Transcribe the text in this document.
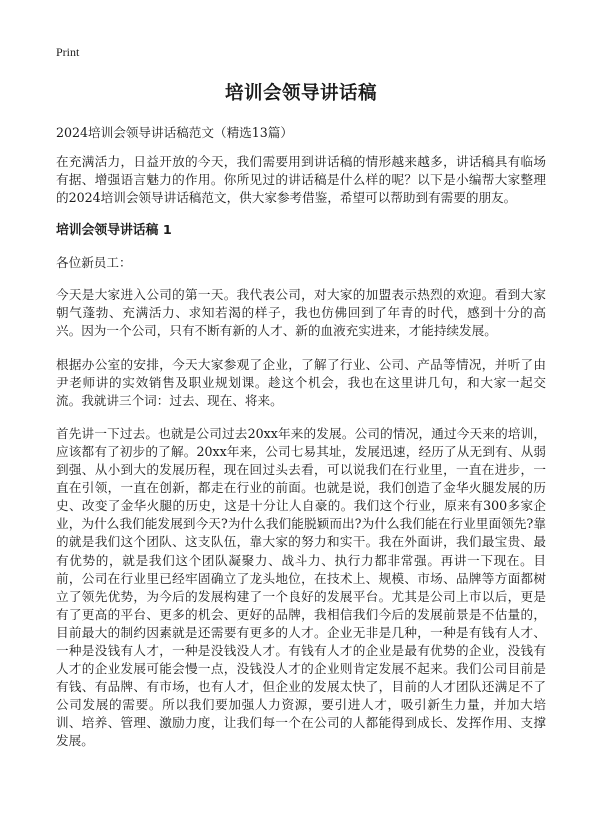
Print
培训会领导讲话稿
2024培训会领导讲话稿范文（精选13篇）

在充满活力，日益开放的今天，我们需要用到讲话稿的情形越来越多，讲话稿具有临场有据、增强语言魅力的作用。你所见过的讲话稿是什么样的呢？以下是小编帮大家整理的2024培训会领导讲话稿范文，供大家参考借鉴，希望可以帮助到有需要的朋友。

培训会领导讲话稿 1
各位新员工：

今天是大家进入公司的第一天。我代表公司，对大家的加盟表示热烈的欢迎。看到大家朝气蓬勃、充满活力、求知若渴的样子，我也仿佛回到了年青的时代，感到十分的高兴。因为一个公司，只有不断有新的人才、新的血液充实进来，才能持续发展。

根据办公室的安排，今天大家参观了企业，了解了行业、公司、产品等情况，并听了由尹老师讲的实效销售及职业规划课。趁这个机会，我也在这里讲几句，和大家一起交流。我就讲三个词：过去、现在、将来。

首先讲一下过去。也就是公司过去20xx年来的发展。公司的情况，通过今天来的培训，应该都有了初步的了解。20xx年来，公司七易其址，发展迅速，经历了从无到有、从弱到强、从小到大的发展历程，现在回过头去看，可以说我们在行业里，一直在进步，一直在引领，一直在创新，都走在行业的前面。也就是说，我们创造了金华火腿发展的历史、改变了金华火腿的历史，这是十分让人自豪的。我们这个行业，原来有300多家企业，为什么我们能发展到今天?为什么我们能脱颖而出?为什么我们能在行业里面领先?靠的就是我们这个团队、这支队伍，靠大家的努力和实干。我在外面讲，我们最宝贵、最有优势的，就是我们这个团队凝聚力、战斗力、执行力都非常强。再讲一下现在。目前，公司在行业里已经牢固确立了龙头地位，在技术上、规模、市场、品牌等方面都树立了领先优势，为今后的发展构建了一个良好的发展平台。尤其是公司上市以后，更是有了更高的平台、更多的机会、更好的品牌，我相信我们今后的发展前景是不估量的，目前最大的制约因素就是还需要有更多的人才。企业无非是几种，一种是有钱有人才、一种是没钱有人才，一种是没钱没人才。有钱有人才的企业是最有优势的企业，没钱有人才的企业发展可能会慢一点，没钱没人才的企业则肯定发展不起来。我们公司目前是有钱、有品牌、有市场，也有人才，但企业的发展太快了，目前的人才团队还满足不了公司发展的需要。所以我们要加强人力资源，要引进人才，吸引新生力量，并加大培训、培养、管理、激励力度，让我们每一个在公司的人都能得到成长、发挥作用、支撑发展。
